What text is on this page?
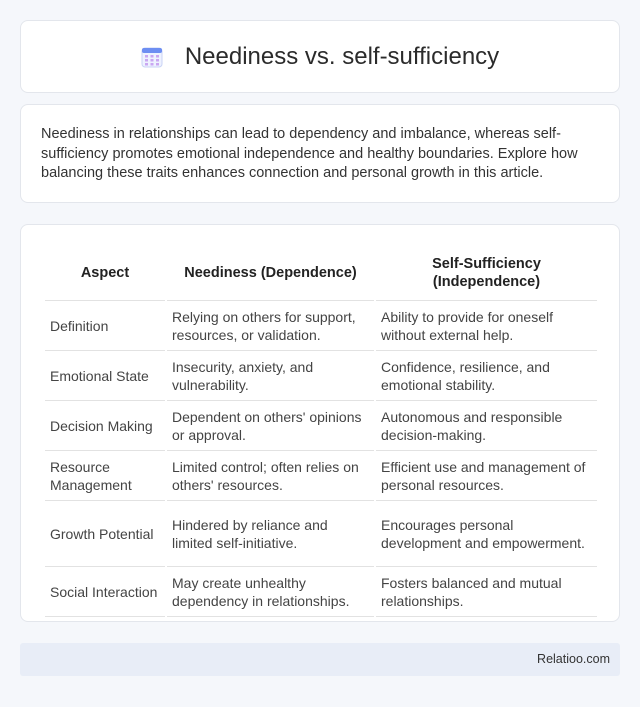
Neediness vs. self-sufficiency

Neediness in relationships can lead to dependency and imbalance, whereas self-sufficiency promotes emotional independence and healthy boundaries. Explore how balancing these traits enhances connection and personal growth in this article.

Aspect	Neediness (Dependence)	Self-Sufficiency (Independence)
Definition	Relying on others for support, resources, or validation.	Ability to provide for oneself without external help.
Emotional State	Insecurity, anxiety, and vulnerability.	Confidence, resilience, and emotional stability.
Decision Making	Dependent on others' opinions or approval.	Autonomous and responsible decision-making.
Resource Management	Limited control; often relies on others' resources.	Efficient use and management of personal resources.
Growth Potential	Hindered by reliance and limited self-initiative.	Encourages personal development and empowerment.
Social Interaction	May create unhealthy dependency in relationships.	Fosters balanced and mutual relationships.
Relatioo.com
